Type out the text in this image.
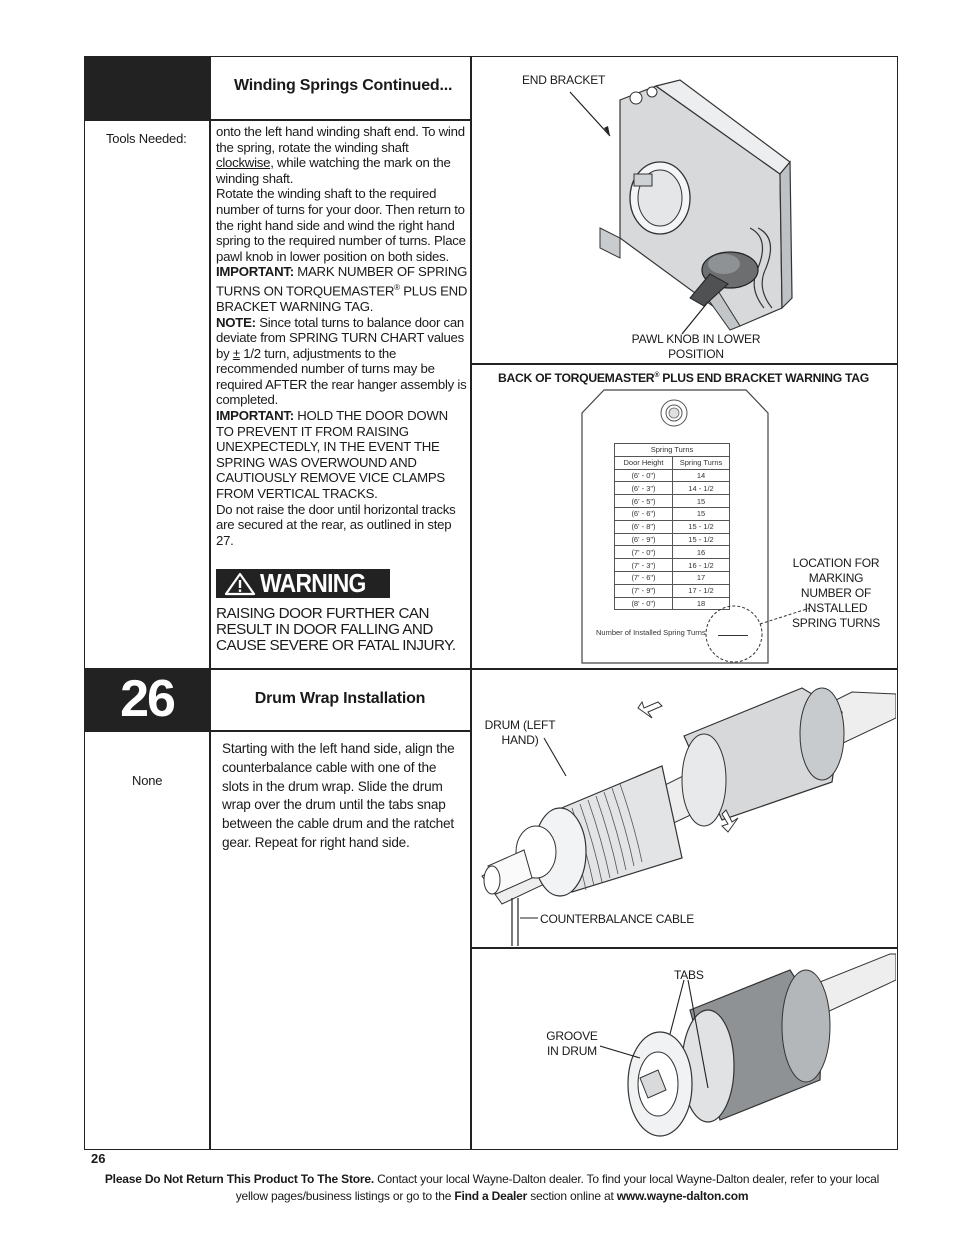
Winding Springs Continued...
Tools Needed: onto the left hand winding shaft end. To wind the spring, rotate the winding shaft clockwise, while watching the mark on the winding shaft.

Rotate the winding shaft to the required number of turns for your door. Then return to the right hand side and wind the right hand spring to the required number of turns. Place pawl knob in lower position on both sides.

IMPORTANT: MARK NUMBER OF SPRING TURNS ON TORQUEMASTER® PLUS END BRACKET WARNING TAG.

NOTE: Since total turns to balance door can deviate from SPRING TURN CHART values by ± 1/2 turn, adjustments to the recommended number of turns may be required AFTER the rear hanger assembly is completed.

IMPORTANT: HOLD THE DOOR DOWN TO PREVENT IT FROM RAISING UNEXPECTEDLY, IN THE EVENT THE SPRING WAS OVERWOUND AND CAUTIOUSLY REMOVE VICE CLAMPS FROM VERTICAL TRACKS.

Do not raise the door until horizontal tracks are secured at the rear, as outlined in step 27.

WARNING
RAISING DOOR FURTHER CAN RESULT IN DOOR FALLING AND CAUSE SEVERE OR FATAL INJURY.
END BRACKET
PAWL KNOB IN LOWER POSITION
BACK OF TORQUEMASTER® PLUS END BRACKET WARNING TAG
Spring Turns	
Door Height	Spring Turns
(6' - 0")	14
(6' - 3")	14 - 1/2
(6' - 5")	15
(6' - 6")	15
(6' - 8")	15 - 1/2
(6' - 9")	15 - 1/2
(7' - 0")	16
(7' - 3")	16 - 1/2
(7' - 6")	17
(7' - 9")	17 - 1/2
(8' - 0")	18
Number of Installed Spring Turns
LOCATION FOR MARKING NUMBER OF INSTALLED SPRING TURNS
26	Drum Wrap Installation
None
Starting with the left hand side, align the counterbalance cable with one of the slots in the drum wrap. Slide the drum wrap over the drum until the tabs snap between the cable drum and the ratchet gear. Repeat for right hand side.
DRUM (LEFT HAND)
COUNTERBALANCE CABLE
TABS
GROOVE IN DRUM
26
Please Do Not Return This Product To The Store. Contact your local Wayne-Dalton dealer. To find your local Wayne-Dalton dealer, refer to your local yellow pages/business listings or go to the Find a Dealer section online at www.wayne-dalton.com
